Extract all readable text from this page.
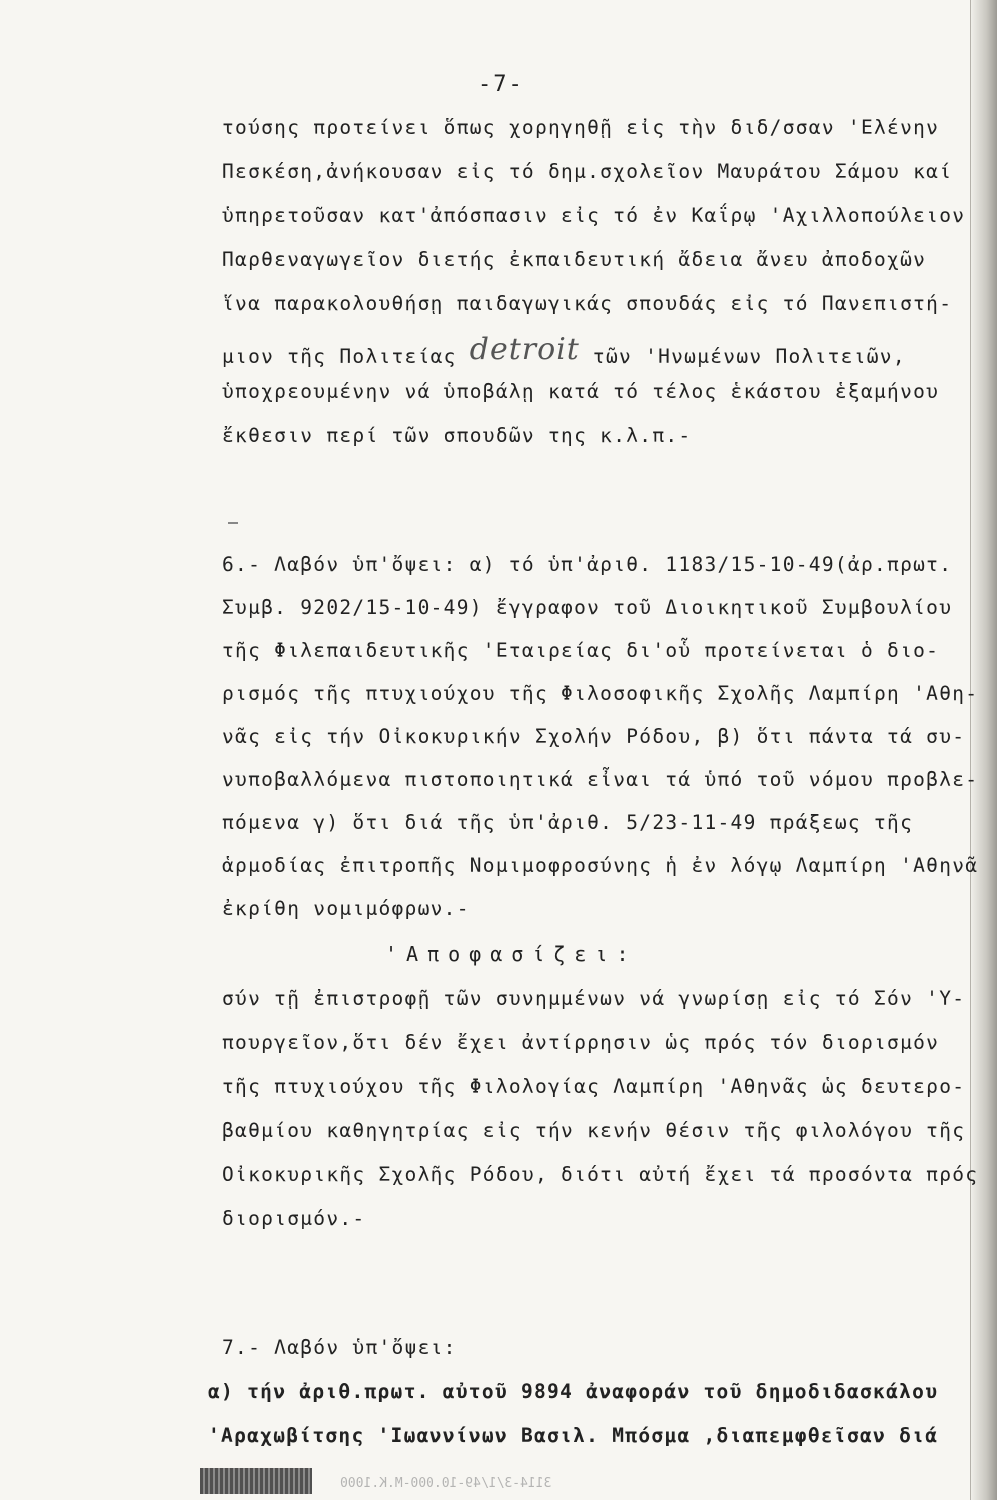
-7-
τούσης προτείνει ὅπως χορηγηθῇ εἰς τὴν διδ/σσαν 'Ελένην
Πεσκέση,ἀνήκουσαν εἰς τό δημ.σχολεῖον Μαυράτου Σάμου καί
ὑπηρετοῦσαν κατ'ἀπόσπασιν εἰς τό ἐν Καΐρῳ 'Αχιλλοπούλειον
Παρθεναγωγεῖον διετής ἐκπαιδευτική ἄδεια ἄνευ ἀποδοχῶν
ἵνα παρακολουθήσῃ παιδαγωγικάς σπουδάς εἰς τό Πανεπιστή-
μιον τῆς Πολιτείας detroit τῶν 'Ηνωμένων Πολιτειῶν,
ὑποχρεουμένην νά ὑποβάλῃ κατά τό τέλος ἑκάστου ἑξαμήνου
ἔκθεσιν περί τῶν σπουδῶν της κ.λ.π.-
6.- Λαβόν ὑπ'ὄψει: α) τό ὑπ'ἀριθ. 1183/15-10-49(ἀρ.πρωτ.
Συμβ. 9202/15-10-49) ἔγγραφον τοῦ Διοικητικοῦ Συμβουλίου
τῆς Φιλεπαιδευτικῆς 'Εταιρείας δι'οὗ προτείνεται ὁ διο-
ρισμός τῆς πτυχιούχου τῆς Φιλοσοφικῆς Σχολῆς Λαμπίρη 'Αθη-
νᾶς εἰς τήν Οἰκοκυρικήν Σχολήν Ρόδου, β) ὅτι πάντα τά συ-
νυποβαλλόμενα πιστοποιητικά εἶναι τά ὑπό τοῦ νόμου προβλε-
πόμενα γ) ὅτι διά τῆς ὑπ'ἀριθ. 5/23-11-49 πράξεως τῆς
ἁρμοδίας ἐπιτροπῆς Νομιμοφροσύνης ἡ ἐν λόγῳ Λαμπίρη 'Αθηνᾶ
ἐκρίθη νομιμόφρων.-
'Αποφασίζει:
σύν τῇ ἐπιστροφῇ τῶν συνημμένων νά γνωρίσῃ εἰς τό Σόν 'Υ-
πουργεῖον,ὅτι δέν ἔχει ἀντίρρησιν ὡς πρός τόν διορισμόν
τῆς πτυχιούχου τῆς Φιλολογίας Λαμπίρη 'Αθηνᾶς ὡς δευτερο-
βαθμίου καθηγητρίας εἰς τήν κενήν θέσιν τῆς φιλολόγου τῆς
Οἰκοκυρικῆς Σχολῆς Ρόδου, διότι αὐτή ἔχει τά προσόντα πρός
διορισμόν.-
7.- Λαβόν ὑπ'ὄψει:
α) τήν ἀριθ.πρωτ. αὐτοῦ 9894 ἀναφοράν τοῦ δημοδιδασκάλου
'Αραχωβίτσης 'Ιωαννίνων Βασιλ. Μπόσμα ,διαπεμφθεῖσαν διά
3114-3/1/49-10.000-M.K.1000
